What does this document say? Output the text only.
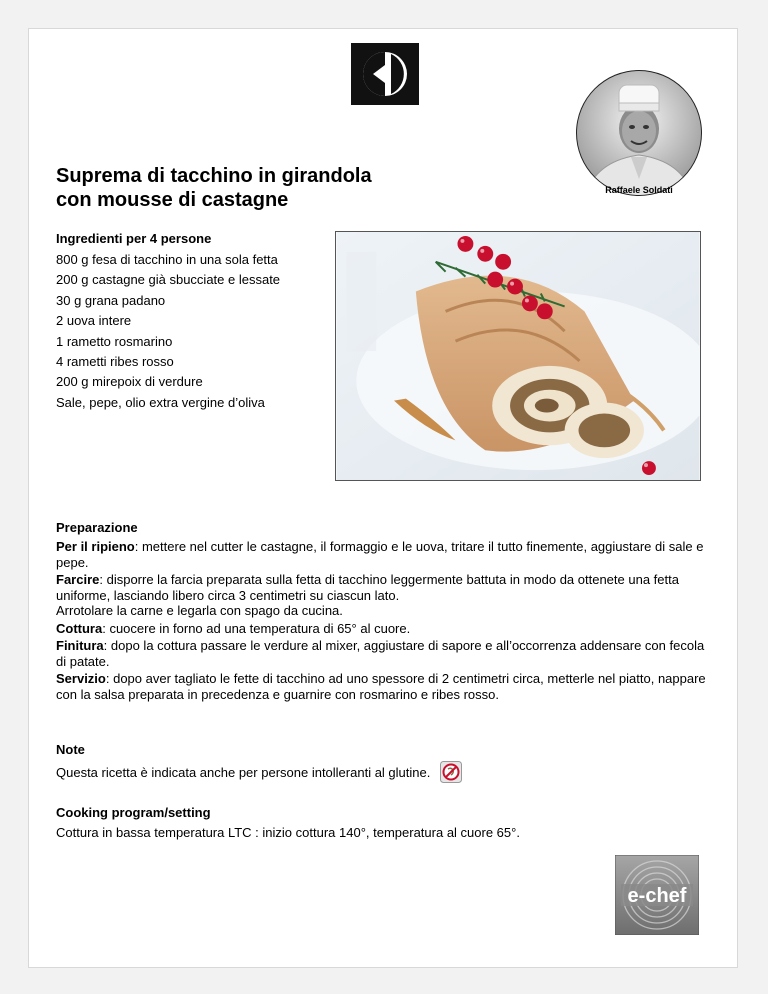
Raffaele Soldati
Suprema di tacchino in girandola
con mousse di castagne
Ingredienti per 4 persone
800 g fesa di tacchino in una sola fetta
200 g castagne già sbucciate e lessate
30 g grana padano
2 uova intere
1 rametto rosmarino
4 rametti ribes rosso
200 g mirepoix di verdure
Sale, pepe, olio extra vergine d’oliva
Preparazione

Per il ripieno: mettere nel cutter le castagne, il formaggio e le uova, tritare il tutto finemente, aggiustare di sale e pepe.

Farcire: disporre la farcia preparata sulla fetta di tacchino leggermente battuta in modo da ottenete una fetta uniforme, lasciando libero circa 3 centimetri su ciascun lato.
Arrotolare la carne e legarla con spago da cucina.

Cottura: cuocere in forno ad una temperatura di 65° al cuore.

Finitura: dopo la cottura passare le verdure al mixer, aggiustare di sapore e all’occorrenza addensare con fecola di patate.

Servizio: dopo aver tagliato le fette di tacchino ad uno spessore di 2 centimetri circa, metterle nel piatto, nappare con la salsa preparata in precedenza e guarnire con rosmarino e ribes rosso.

Note
Questa ricetta è indicata anche per persone intolleranti al glutine.
Cooking program/setting

Cottura in bassa temperatura LTC : inizio cottura 140°, temperatura al cuore 65°.

e-chef
